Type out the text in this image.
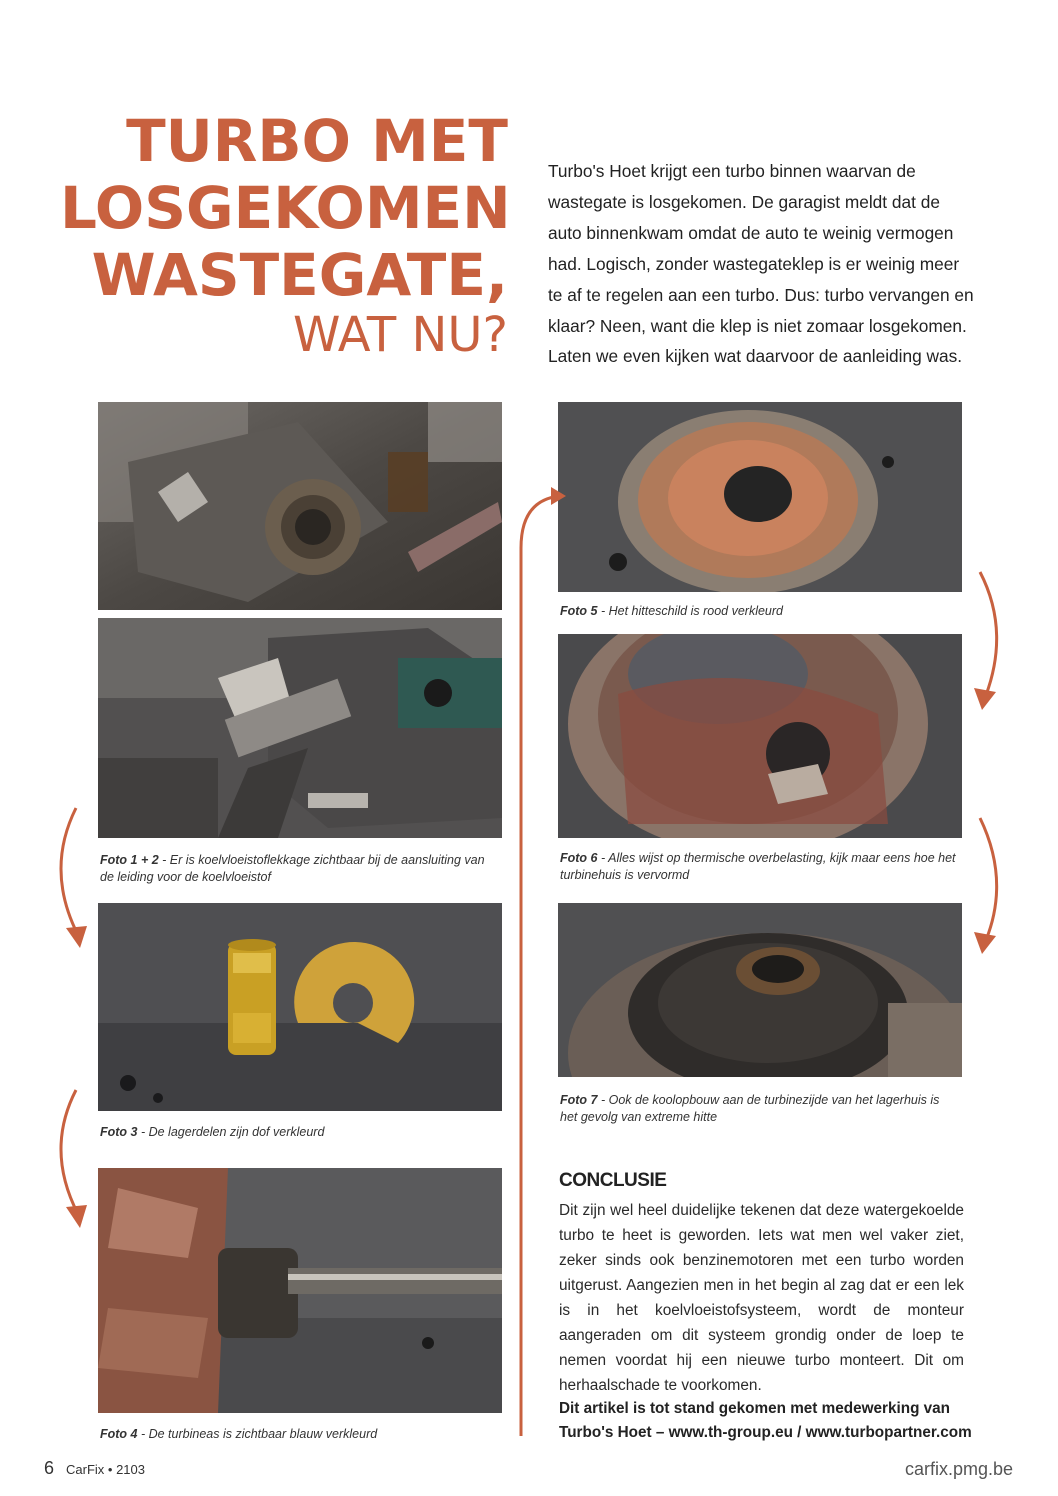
TURBO MET
LOSGEKOMEN
WASTEGATE,
WAT NU?
Turbo's Hoet krijgt een turbo binnen waarvan de wastegate is losgekomen. De garagist meldt dat de auto binnenkwam omdat de auto te weinig vermogen had. Logisch, zonder wastegateklep is er weinig meer te af te regelen aan een turbo. Dus: turbo vervangen en klaar? Neen, want die klep is niet zomaar losgekomen. Laten we even kijken wat daarvoor de aanleiding was.
Foto 1 + 2 - Er is koelvloeistoflekkage zichtbaar bij de aansluiting van de leiding voor de koelvloeistof
Foto 3 - De lagerdelen zijn dof verkleurd
Foto 4 - De turbineas is zichtbaar blauw verkleurd
Foto 5 - Het hitteschild is rood verkleurd
Foto 6 - Alles wijst op thermische overbelasting, kijk maar eens hoe het turbinehuis is vervormd
Foto 7 - Ook de koolopbouw aan de turbinezijde van het lagerhuis is het gevolg van extreme hitte
CONCLUSIE
Dit zijn wel heel duidelijke tekenen dat deze watergekoelde turbo te heet is geworden. Iets wat men wel vaker ziet, zeker sinds ook benzinemotoren met een turbo worden uitgerust. Aangezien men in het begin al zag dat er een lek is in het koelvloeistofsysteem, wordt de monteur aangeraden om dit systeem grondig onder de loep te nemen voordat hij een nieuwe turbo monteert. Dit om herhaalschade te voorkomen.
Dit artikel is tot stand gekomen met medewerking van
Turbo's Hoet – www.th-group.eu / www.turbopartner.com
6 CarFix • 2103	carfix.pmg.be
